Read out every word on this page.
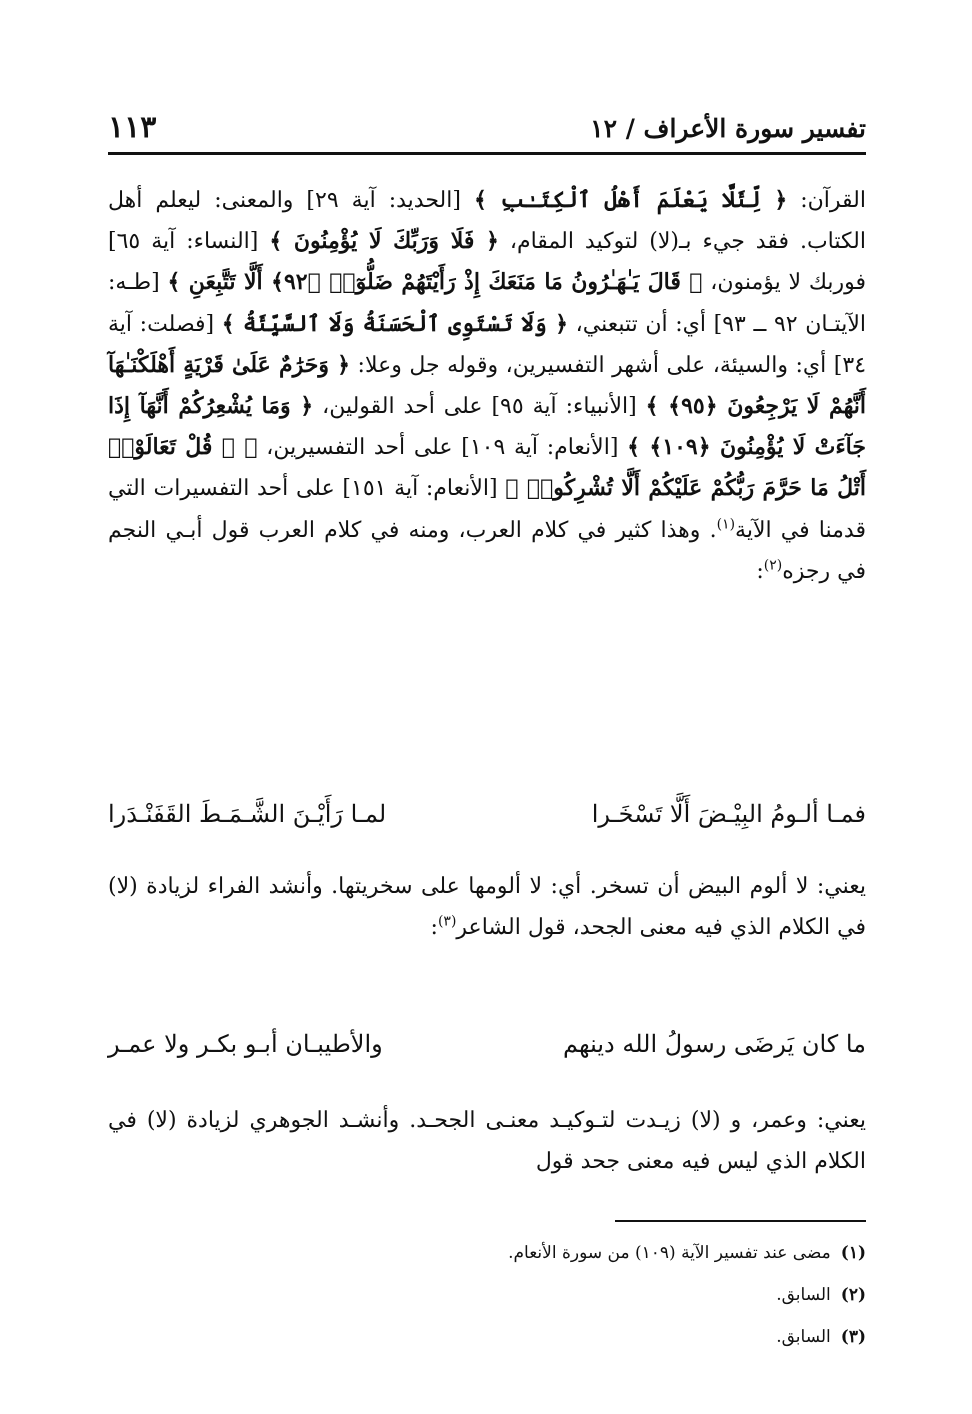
تفسير سورة الأعراف / ١٢
١١٣
القرآن: ﴿ لِّئَلَّا يَعْلَمَ أَهْلُ ٱلْكِتَـٰبِ ﴾ [الحديد: آية ٢٩] والمعنى: ليعلم أهل الكتاب. فقد جيء بـ(لا) لتوكيد المقام، ﴿ فَلَا وَرَبِّكَ لَا يُؤْمِنُونَ ﴾ [النساء: آية ٦٥] فوربك لا يؤمنون، ﴿ قَالَ يَـٰهَـٰرُونُ مَا مَنَعَكَ إِذْ رَأَيْتَهُمْ ضَلُّوٓا۟ ﴿٩٢﴾ أَلَّا تَتَّبِعَنِ ﴾ [طـه: الآيتـان ٩٢ ــ ٩٣] أي: أن تتبعني، ﴿ وَلَا تَسْتَوِى ٱلْحَسَنَةُ وَلَا ٱلسَّيِّئَةُ ﴾ [فصلت: آية ٣٤] أي: والسيئة، على أشهر التفسيرين، وقوله جل وعلا: ﴿ وَحَرَٰمٌ عَلَىٰ قَرْيَةٍ أَهْلَكْنَـٰهَآ أَنَّهُمْ لَا يَرْجِعُونَ ﴿٩٥﴾ ﴾ [الأنبياء: آية ٩٥] على أحد القولين، ﴿ وَمَا يُشْعِرُكُمْ أَنَّهَآ إِذَا جَآءَتْ لَا يُؤْمِنُونَ ﴿١٠٩﴾ ﴾ [الأنعام: آية ١٠٩] على أحد التفسيرين، ﴿ ۞ قُلْ تَعَالَوْا۟ أَتْلُ مَا حَرَّمَ رَبُّكُمْ عَلَيْكُمْ أَلَّا تُشْرِكُوا۟ ﴾ [الأنعام: آية ١٥١] على أحد التفسيرات التي قدمنا في الآية$^{(١)}$. وهذا كثير في كلام العرب، ومنه في كلام العرب قول أبـي النجم في رجزه$^{(٢)}$:
فمـا ألـومُ البِيْـضَ أَلَّا تَسْخَـرا
لمـا رَأَيْـنَ الشَّـمَـطَ القَفَنْـدَرا
يعني: لا ألوم البيض أن تسخر. أي: لا ألومها على سخريتها. وأنشد الفراء لزيادة (لا) في الكلام الذي فيه معنى الجحد، قول الشاعر$^{(٣)}$:
ما كان يَرضَى رسولُ الله دينهم
والأطيبـان أبـو بكـر ولا عمـر
يعني: وعمر، و (لا) زيـدت لتـوكيـد معنـى الجحـد. وأنشـد الجوهري لزيادة (لا) في الكلام الذي ليس فيه معنى جحد قول
(١)مضى عند تفسير الآية (١٠٩) من سورة الأنعام.
(٢)السابق.
(٣)السابق.
